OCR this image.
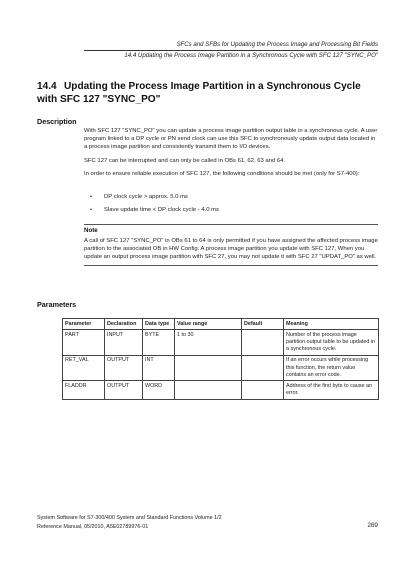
SFCs and SFBs for Updating the Process Image and Processing Bit Fields
14.4 Updating the Process Image Partition in a Synchronous Cycle with SFC 127 "SYNC_PO"
14.4 Updating the Process Image Partition in a Synchronous Cycle with SFC 127 "SYNC_PO"
Description
With SFC 127 "SYNC_PO" you can update a process image partition output table in a synchronous cycle. A user program linked to a DP cycle or PN send clock can use this SFC to synchronously update output data located in a process image partition and consistently transmit them to I/O devices.
SFC 127 can be interrupted and can only be called in OBs 61, 62, 63 and 64.
In order to ensure reliable execution of SFC 127, the following conditions should be met (only for S7-400):
•	DP clock cycle > approx. 5.0 ms
•	Slave update time < DP clock cycle - 4.0 ms
Note
A call of SFC 127 "SYNC_PO" in OBs 61 to 64 is only permitted if you have assigned the affected process image partition to the associated OB in HW Config. A process image partition you update with SFC 127, When you update an output process image partition with SFC 27, you may not update it with SFC 27 "UPDAT_PO" as well.
Parameters
Parameter	Declaration	Data type	Value range	Default	Meaning
PART	INPUT	BYTE	1 to 30		Number of the process image partition output table to be updated in a synchronous cycle.
RET_VAL	OUTPUT	INT			If an error occurs while processing this function, the return value contains an error code.
FLADDR	OUTPUT	WORD			Address of the first byte to cause an error.
System Software for S7-300/400 System and Standard Functions Volume 1/2
Reference Manual, 05/2010, A5E02789976-01	269
